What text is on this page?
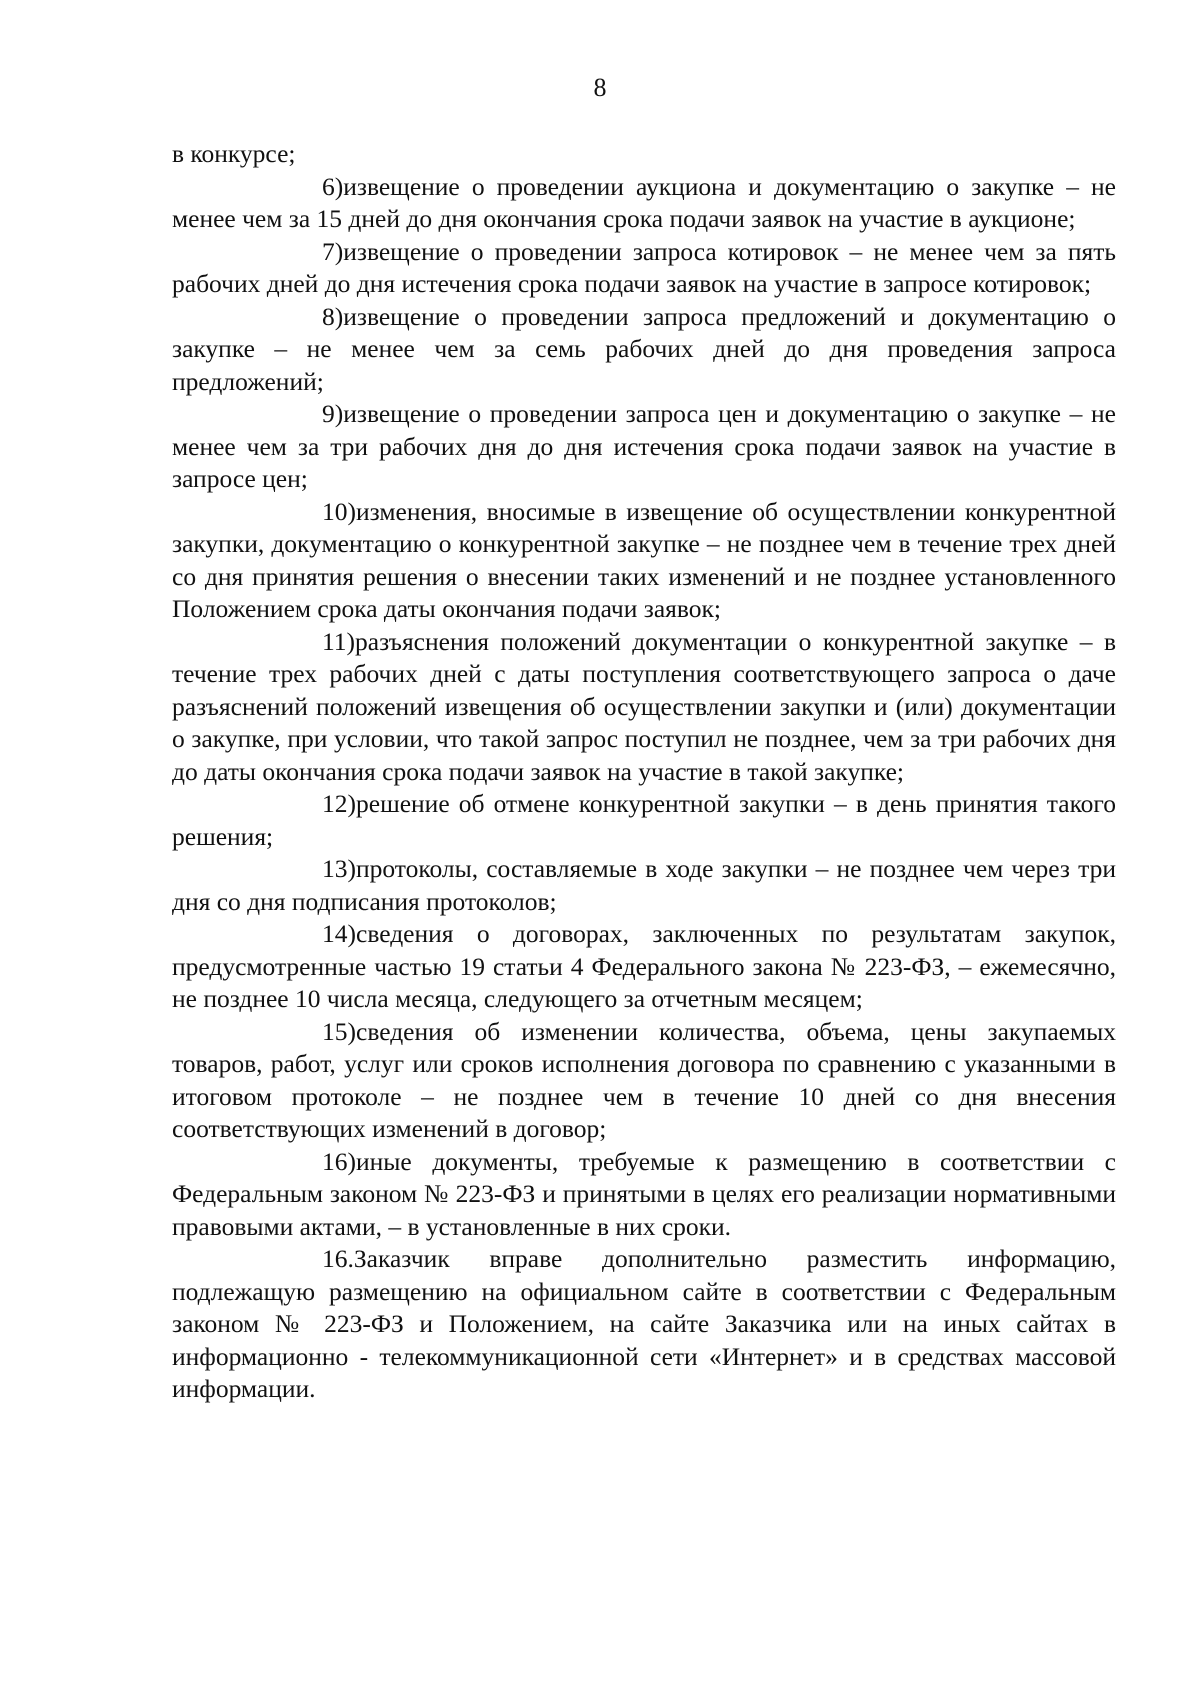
8

в конкурсе;

6)извещение о проведении аукциона и документацию о закупке – не менее чем за 15 дней до дня окончания срока подачи заявок на участие в аукционе;

7)извещение о проведении запроса котировок – не менее чем за пять рабочих дней до дня истечения срока подачи заявок на участие в запросе котировок;

8)извещение о проведении запроса предложений и документацию о закупке – не менее чем за семь рабочих дней до дня проведения запроса предложений;

9)извещение о проведении запроса цен и документацию о закупке – не менее чем за три рабочих дня до дня истечения срока подачи заявок на участие в запросе цен;

10)изменения, вносимые в извещение об осуществлении конкурентной закупки, документацию о конкурентной закупке – не позднее чем в течение трех дней со дня принятия решения о внесении таких изменений и не позднее установленного Положением срока даты окончания подачи заявок;

11)разъяснения положений документации о конкурентной закупке – в течение трех рабочих дней с даты поступления соответствующего запроса о даче разъяснений положений извещения об осуществлении закупки и (или) документации о закупке, при условии, что такой запрос поступил не позднее, чем за три рабочих дня до даты окончания срока подачи заявок на участие в такой закупке;

12)решение об отмене конкурентной закупки – в день принятия такого решения;

13)протоколы, составляемые в ходе закупки – не позднее чем через три дня со дня подписания протоколов;

14)сведения о договорах, заключенных по результатам закупок, предусмотренные частью 19 статьи 4 Федерального закона № 223-ФЗ, – ежемесячно, не позднее 10 числа месяца, следующего за отчетным месяцем;

15)сведения об изменении количества, объема, цены закупаемых товаров, работ, услуг или сроков исполнения договора по сравнению с указанными в итоговом протоколе – не позднее чем в течение 10 дней со дня внесения соответствующих изменений в договор;

16)иные документы, требуемые к размещению в соответствии с Федеральным законом № 223-ФЗ и принятыми в целях его реализации нормативными правовыми актами, – в установленные в них сроки.

16.Заказчик вправе дополнительно разместить информацию, подлежащую размещению на официальном сайте в соответствии с Федеральным законом № 223-ФЗ и Положением, на сайте Заказчика или на иных сайтах в информационно - телекоммуникационной сети «Интернет» и в средствах массовой информации.
